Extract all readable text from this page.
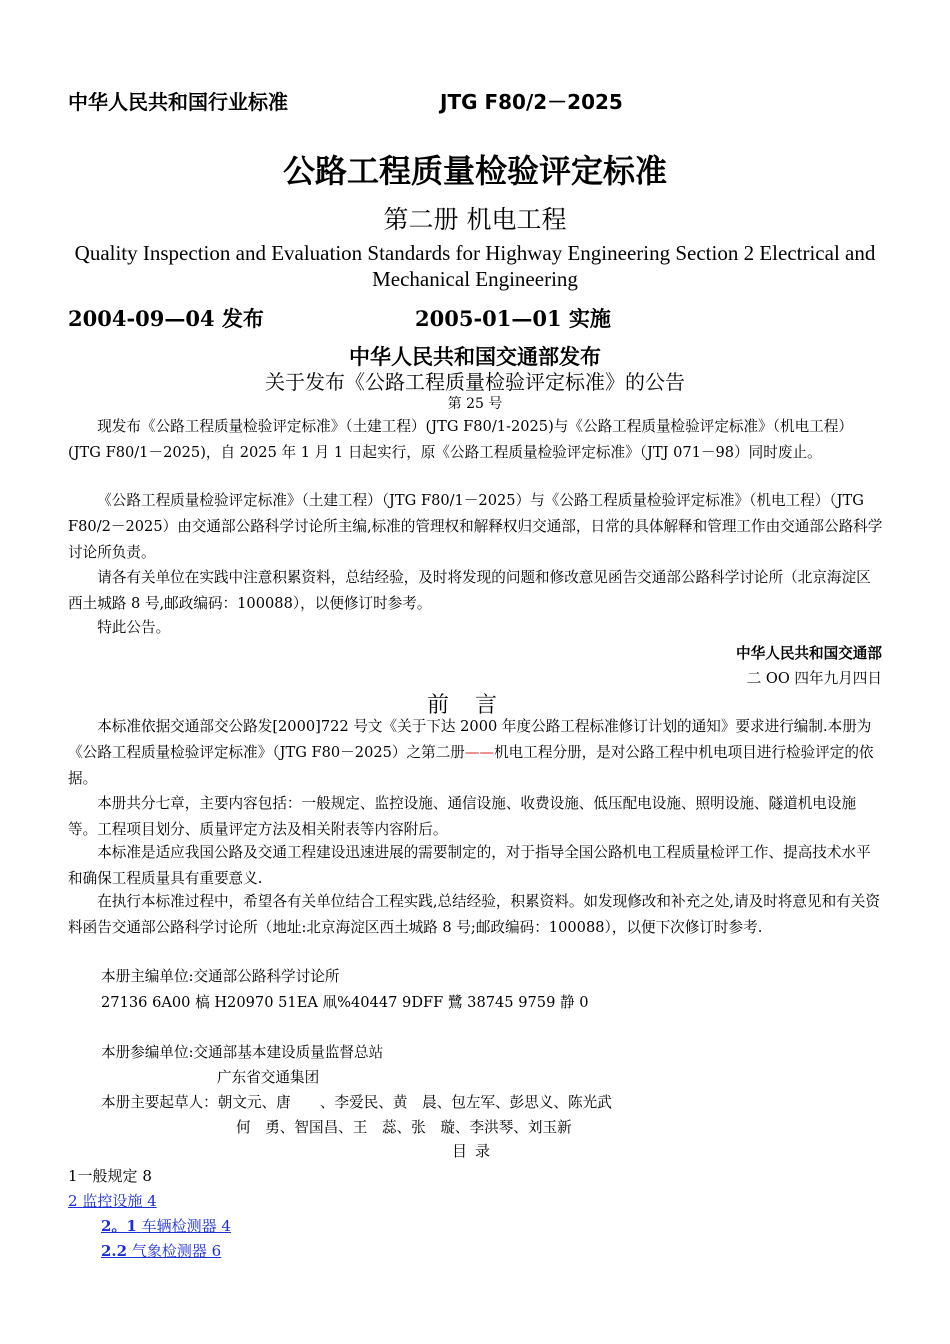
中华人民共和国行业标准	JTG F80/2－2025
公路工程质量检验评定标准
第二册 机电工程
Quality Inspection and Evaluation Standards for Highway Engineering Section 2 Electrical and Mechanical Engineering
2004-09—04 发布	2005-01—01 实施
中华人民共和国交通部发布
关于发布《公路工程质量检验评定标准》的公告
第 25 号
现发布《公路工程质量检验评定标准》（土建工程）(JTG F80/1-2025)与《公路工程质量检验评定标准》（机电工程）(JTG F80/1－2025)，自 2025 年 1 月 1 日起实行，原《公路工程质量检验评定标准》（JTJ 071－98）同时废止。
《公路工程质量检验评定标准》（土建工程）（JTG F80/1－2025）与《公路工程质量检验评定标准》（机电工程）（JTG F80/2－2025）由交通部公路科学讨论所主编,标准的管理权和解释权归交通部，日常的具体解释和管理工作由交通部公路科学讨论所负责。
请各有关单位在实践中注意积累资料，总结经验，及时将发现的问题和修改意见函告交通部公路科学讨论所（北京海淀区西土城路 8 号,邮政编码：100088），以便修订时参考。
特此公告。
中华人民共和国交通部
二 OO 四年九月四日
前言
本标准依据交通部交公路发[2000]722 号文《关于下达 2000 年度公路工程标准修订计划的通知》要求进行编制.本册为《公路工程质量检验评定标准》（JTG F80－2025）之第二册——机电工程分册，是对公路工程中机电项目进行检验评定的依据。
本册共分七章，主要内容包括：一般规定、监控设施、通信设施、收费设施、低压配电设施、照明设施、隧道机电设施等。工程项目划分、质量评定方法及相关附表等内容附后。
本标准是适应我国公路及交通工程建设迅速进展的需要制定的，对于指导全国公路机电工程质量检评工作、提高技术水平和确保工程质量具有重要意义.
在执行本标准过程中，希望各有关单位结合工程实践,总结经验，积累资料。如发现修改和补充之处,请及时将意见和有关资料函告交通部公路科学讨论所（地址:北京海淀区西土城路 8 号;邮政编码：100088），以便下次修订时参考.
本册主编单位:交通部公路科学讨论所
27136 6A00 槁 H20970 51EA 凧%40447 9DFF 鷺 38745 9759 静 0
本册参编单位:交通部基本建设质量监督总站
广东省交通集团
本册主要起草人：朝文元、唐　　、李爱民、黄　晨、包左军、彭思义、陈光武
何　勇、智国昌、王　蕊、张　璇、李洪琴、刘玉新
目录
1一般规定 8
2 监控设施 4
2。1 车辆检测器 4
2.2 气象检测器 6
